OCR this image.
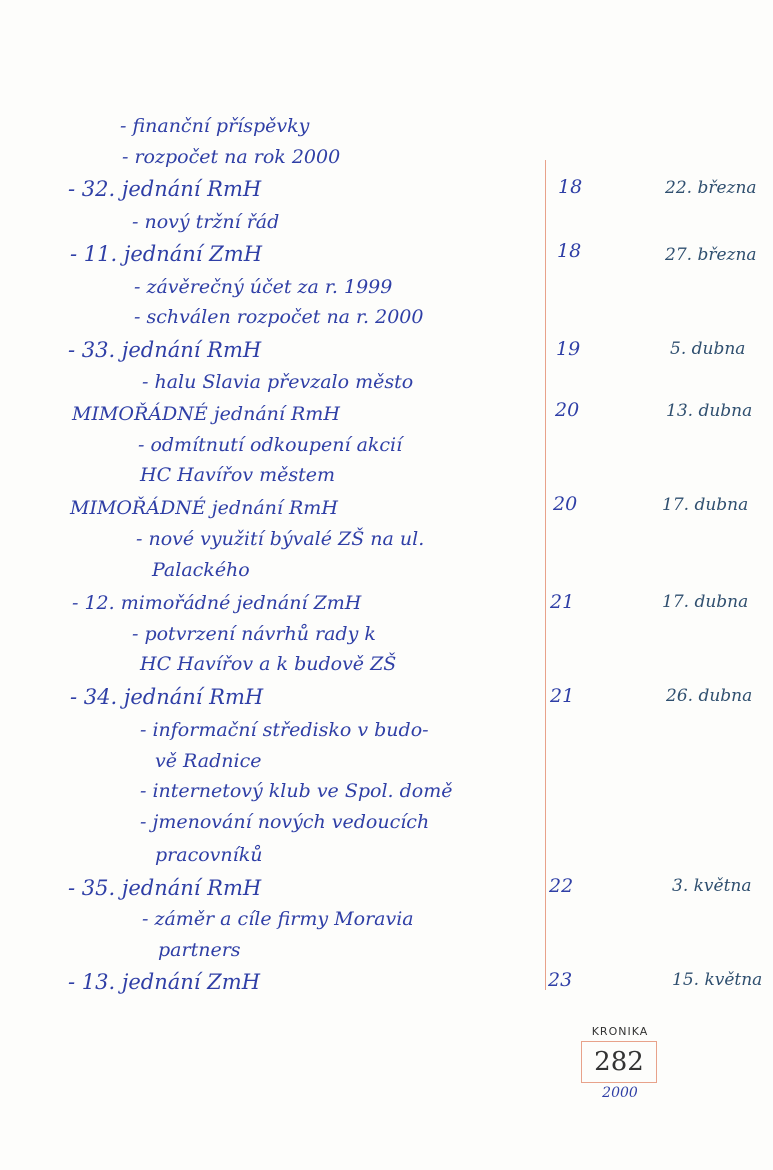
- finanční příspěvky
- rozpočet na rok 2000
- 32. jednání RmH	18	22. března
- nový tržní řád
- 11. jednání ZmH	18	27. března
- závěrečný účet za r. 1999
- schválen rozpočet na r. 2000
- 33. jednání RmH	19	5. dubna
- halu Slavia převzalo město
MIMOŘÁDNÉ jednání RmH	20	13. dubna
- odmítnutí odkoupení akcií
HC Havířov městem
MIMOŘÁDNÉ jednání RmH	20	17. dubna
- nové využití bývalé ZŠ na ul.
Palackého
- 12. mimořádné jednání ZmH	21	17. dubna
- potvrzení návrhů rady k
HC Havířov a k budově ZŠ
- 34. jednání RmH	21	26. dubna
- informační středisko v budo-
vě Radnice
- internetový klub ve Spol. domě
- jmenování nových vedoucích
pracovníků
- 35. jednání RmH	22	3. května
- záměr a cíle firmy Moravia
partners
- 13. jednání ZmH	23	15. května
KRONIKA
282
2000
